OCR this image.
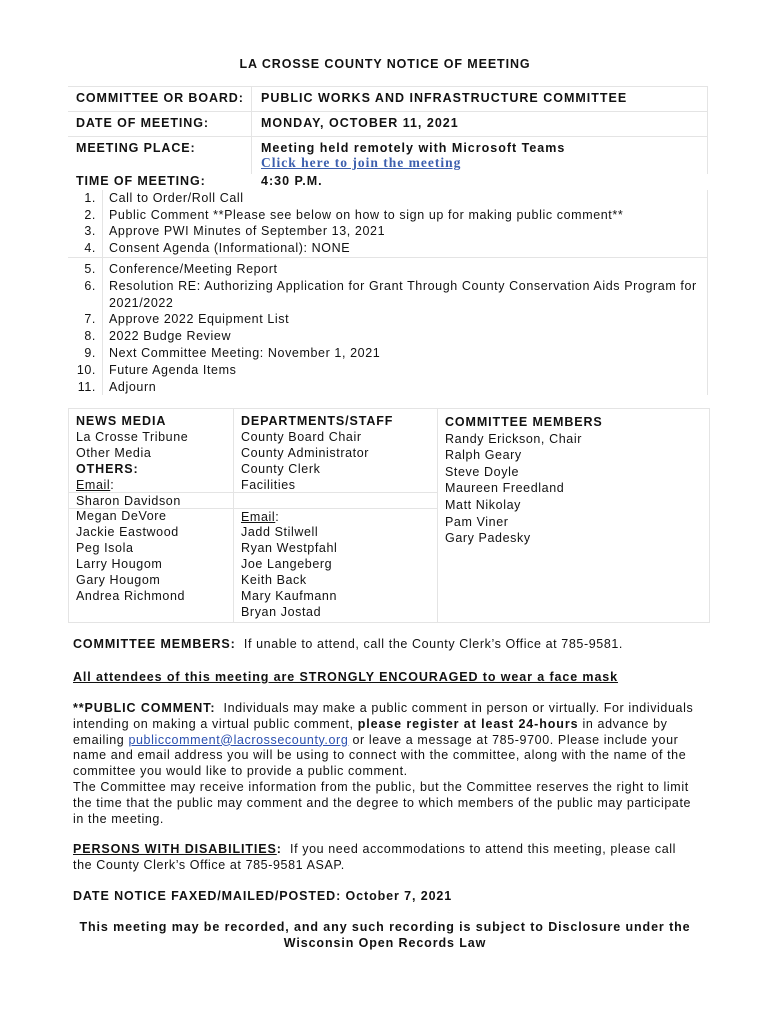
LA CROSSE COUNTY NOTICE OF MEETING
COMMITTEE OR BOARD: PUBLIC WORKS AND INFRASTRUCTURE COMMITTEE
DATE OF MEETING:	MONDAY, OCTOBER 11, 2021
MEETING PLACE:	Meeting held remotely with Microsoft Teams
Click here to join the meeting
TIME OF MEETING:	4:30 P.M.
1. Call to Order/Roll Call
2. Public Comment **Please see below on how to sign up for making public comment**
3. Approve PWI Minutes of September 13, 2021
4. Consent Agenda (Informational): NONE
5. Conference/Meeting Report
6. Resolution RE: Authorizing Application for Grant Through County Conservation Aids Program for 2021/2022
7. Approve 2022 Equipment List
8. 2022 Budge Review
9. Next Committee Meeting: November 1, 2021
10. Future Agenda Items
11. Adjourn
NEWS MEDIA
La Crosse Tribune
Other Media
OTHERS:
Email:
Sharon Davidson
Megan DeVore
Jackie Eastwood
Peg Isola
Larry Hougom
Gary Hougom
Andrea Richmond
DEPARTMENTS/STAFF
County Board Chair
County Administrator
County Clerk
Facilities
Email:
Jadd Stilwell
Ryan Westpfahl
Joe Langeberg
Keith Back
Mary Kaufmann
Bryan Jostad
COMMITTEE MEMBERS
Randy Erickson, Chair
Ralph Geary
Steve Doyle
Maureen Freedland
Matt Nikolay
Pam Viner
Gary Padesky
COMMITTEE MEMBERS: If unable to attend, call the County Clerk’s Office at 785-9581.
All attendees of this meeting are STRONGLY ENCOURAGED to wear a face mask
**PUBLIC COMMENT: Individuals may make a public comment in person or virtually. For individuals intending on making a virtual public comment, please register at least 24-hours in advance by emailing publiccomment@lacrossecounty.org or leave a message at 785-9700. Please include your name and email address you will be using to connect with the committee, along with the name of the committee you would like to provide a public comment.
The Committee may receive information from the public, but the Committee reserves the right to limit the time that the public may comment and the degree to which members of the public may participate in the meeting.
PERSONS WITH DISABILITIES: If you need accommodations to attend this meeting, please call the County Clerk’s Office at 785-9581 ASAP.
DATE NOTICE FAXED/MAILED/POSTED: October 7, 2021
This meeting may be recorded, and any such recording is subject to Disclosure under the Wisconsin Open Records Law
